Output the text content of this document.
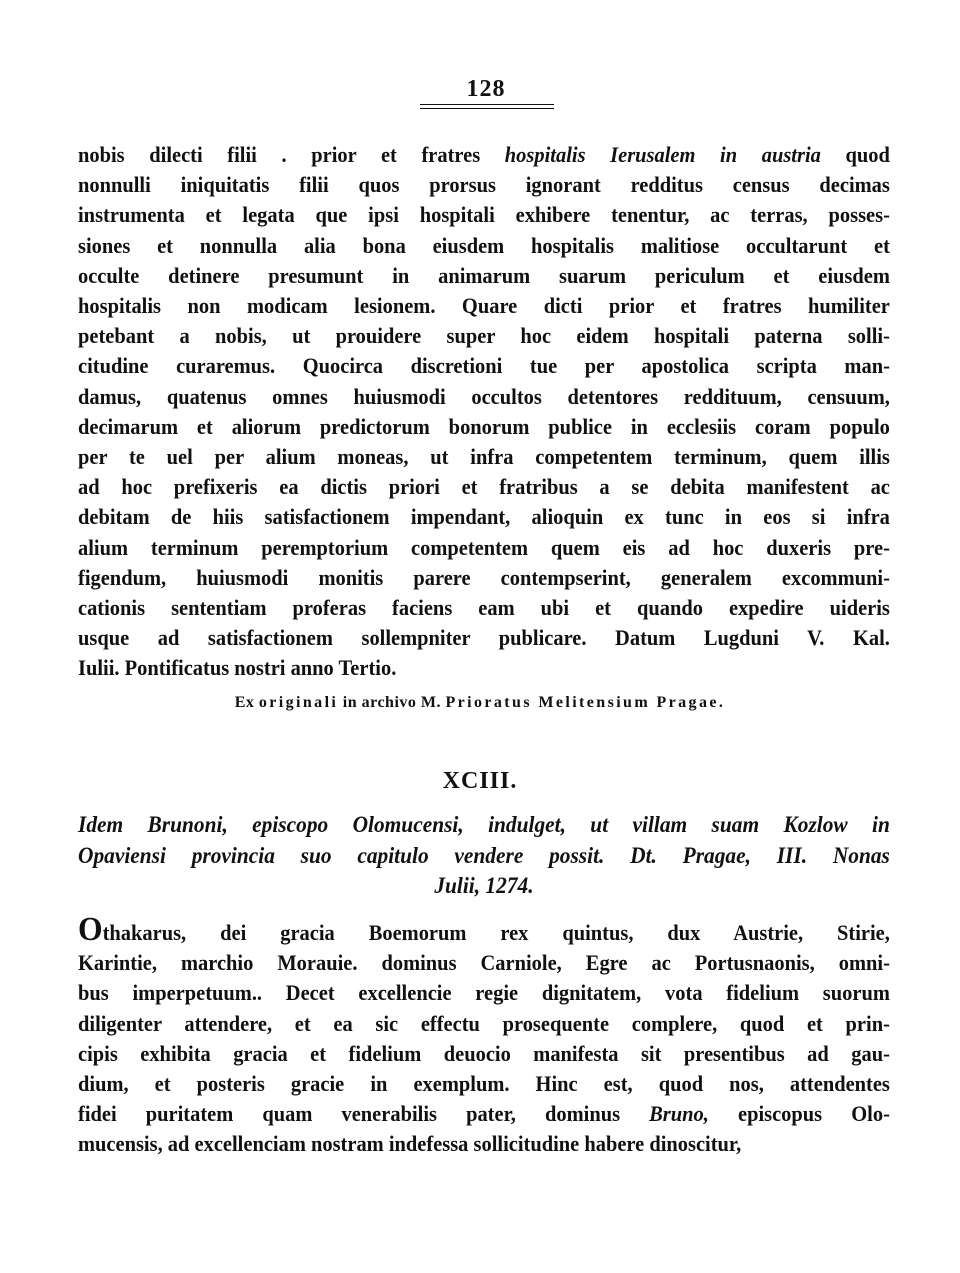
128
nobis dilecti filii . prior et fratres hospitalis Ierusalem in austria quod
nonnulli iniquitatis filii quos prorsus ignorant redditus census decimas
instrumenta et legata que ipsi hospitali exhibere tenentur, ac terras, posses-
siones et nonnulla alia bona eiusdem hospitalis malitiose occultarunt et
occulte detinere presumunt in animarum suarum periculum et eiusdem
hospitalis non modicam lesionem. Quare dicti prior et fratres humiliter
petebant a nobis, ut prouidere super hoc eidem hospitali paterna solli-
citudine curaremus. Quocirca discretioni tue per apostolica scripta man-
damus, quatenus omnes huiusmodi occultos detentores reddituum, censuum,
decimarum et aliorum predictorum bonorum publice in ecclesiis coram populo
per te uel per alium moneas, ut infra competentem terminum, quem illis
ad hoc prefixeris ea dictis priori et fratribus a se debita manifestent ac
debitam de hiis satisfactionem impendant, alioquin ex tunc in eos si infra
alium terminum peremptorium competentem quem eis ad hoc duxeris pre-
figendum, huiusmodi monitis parere contempserint, generalem excommuni-
cationis sententiam proferas faciens eam ubi et quando expedire uideris
usque ad satisfactionem sollempniter publicare. Datum Lugduni V. Kal.
Iulii. Pontificatus nostri anno Tertio.
Ex originali in archivo M. Prioratus Melitensium Pragae.
XCIII.
Idem Brunoni, episcopo Olomucensi, indulget, ut villam suam Kozlow in
Opaviensi provincia suo capitulo vendere possit. Dt. Pragae, III. Nonas
Julii, 1274.
Othakarus, dei gracia Boemorum rex quintus, dux Austrie, Stirie,
Karintie, marchio Morauie. dominus Carniole, Egre ac Portusnaonis, omni-
bus imperpetuum.. Decet excellencie regie dignitatem, vota fidelium suorum
diligenter attendere, et ea sic effectu prosequente complere, quod et prin-
cipis exhibita gracia et fidelium deuocio manifesta sit presentibus ad gau-
dium, et posteris gracie in exemplum. Hinc est, quod nos, attendentes
fidei puritatem quam venerabilis pater, dominus Bruno, episcopus Olo-
mucensis, ad excellenciam nostram indefessa sollicitudine habere dinoscitur,
